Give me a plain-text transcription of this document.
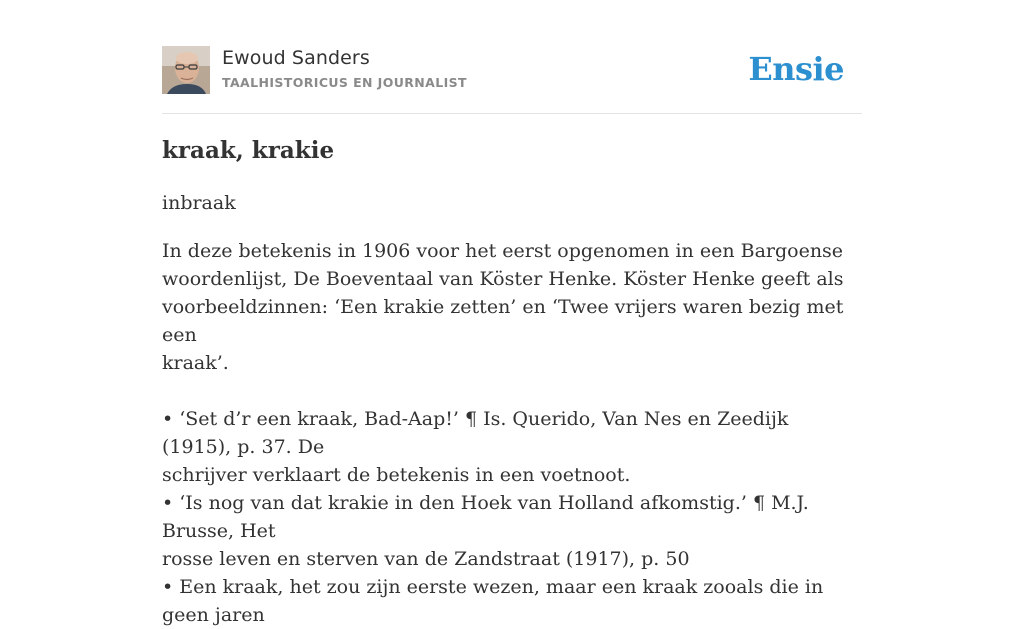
Ewoud Sanders
TAALHISTORICUS EN JOURNALIST	Ensie
kraak, krakie
inbraak

In deze betekenis in 1906 voor het eerst opgenomen in een Bargoense
woordenlijst, De Boeventaal van Köster Henke. Köster Henke geeft als
voorbeeldzinnen: ‘Een krakie zetten’ en ‘Twee vrijers waren bezig met een
kraak’.

• ‘Set d’r een kraak, Bad-Aap!’ ¶ Is. Querido, Van Nes en Zeedijk (1915), p. 37. De
schrijver verklaart de betekenis in een voetnoot.
• ‘Is nog van dat krakie in den Hoek van Holland afkomstig.’ ¶ M.J. Brusse, Het
rosse leven en sterven van de Zandstraat (1917), p. 50
• Een kraak, het zou zijn eerste wezen, maar een kraak zooals die in geen jaren
